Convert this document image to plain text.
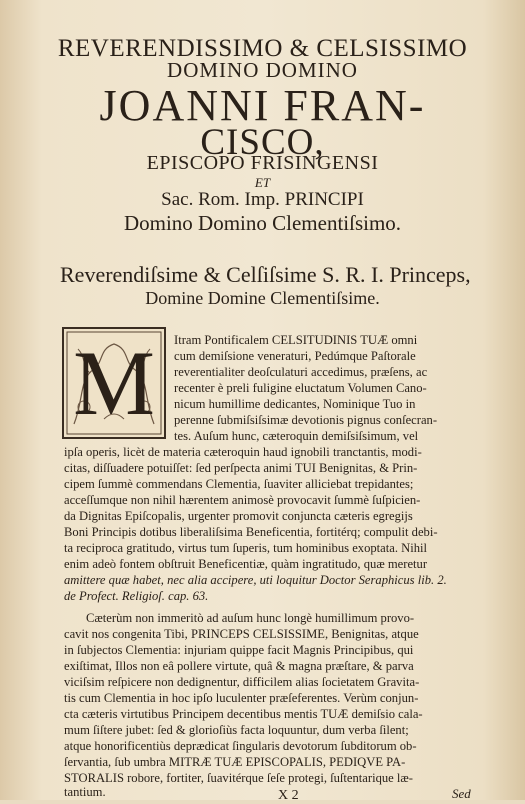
REVERENDISSIMO & CELSISSIMO
DOMINO DOMINO
JOANNI FRAN-
CISCO,
EPISCOPO FRISINGENSI
ET
Sac. Rom. Imp. PRINCIPI
Domino Domino Clementiſsimo.
Reverendiſsime & Celſiſsime S. R. I. Princeps,
Domine Domine Clementiſsime.
M	Itram Pontificalem CELSITUDINIS TUÆ omni
cum demiſsione veneraturi, Pedúmque Paſtorale
reverentialiter deoſculaturi accedimus, præſens, ac
recenter è preli fuligine eluctatum Volumen Cano-
nicum humillime dedicantes, Nominique Tuo in
perenne ſubmiſsiſsimæ devotionis pignus conſecran-
tes. Auſum hunc, cæteroquin demiſsiſsimum, vel
ipſa operis, licèt de materia cæteroquin haud ignobili tranctantis, modi-
citas, diſſuadere potuiſſet: ſed perſpecta animi TUI Benignitas, & Prin-
cipem ſummè commendans Clementia, ſuaviter alliciebat trepidantes;
acceſſumque non nihil hærentem animosè provocavit ſummè ſuſpicien-
da Dignitas Epiſcopalis, urgenter promovit conjuncta cæteris egregijs
Boni Principis dotibus liberaliſsima Beneficentia, fortitérq; compulit debi-
ta reciproca gratitudo, virtus tum ſuperis, tum hominibus exoptata. Nihil
enim adeò fontem obſtruit Beneficentiæ, quàm ingratitudo, quæ meretur
amittere quæ habet, nec alia accipere, uti loquitur Doctor Seraphicus lib. 2.
de Profect. Religioſ. cap. 63.
Cæterùm non immeritò ad auſum hunc longè humillimum provo-
cavit nos congenita Tibi, PRINCEPS CELSISSIME, Benignitas, atque
in ſubjectos Clementia: injuriam quippe facit Magnis Principibus, qui
exiſtimat, Illos non eâ pollere virtute, quâ & magna præſtare, & parva
viciſsim reſpicere non dedignentur, difficilem alias ſocietatem Gravita-
tis cum Clementia in hoc ipſo luculenter præſeferentes. Verùm conjun-
cta cæteris virtutibus Principem decentibus mentis TUÆ demiſsio cala-
mum ſiſtere jubet: ſed & glorioſiùs facta loquuntur, dum verba ſilent;
atque honorificentiùs deprædicat ſingularis devotorum ſubditorum ob-
ſervantia, ſub umbra MITRÆ TUÆ EPISCOPALIS, PEDIQVE PA-
STORALIS robore, fortiter, ſuavitérque ſeſe protegi, ſuſtentarique læ-
tantium.	X 2	Sed
